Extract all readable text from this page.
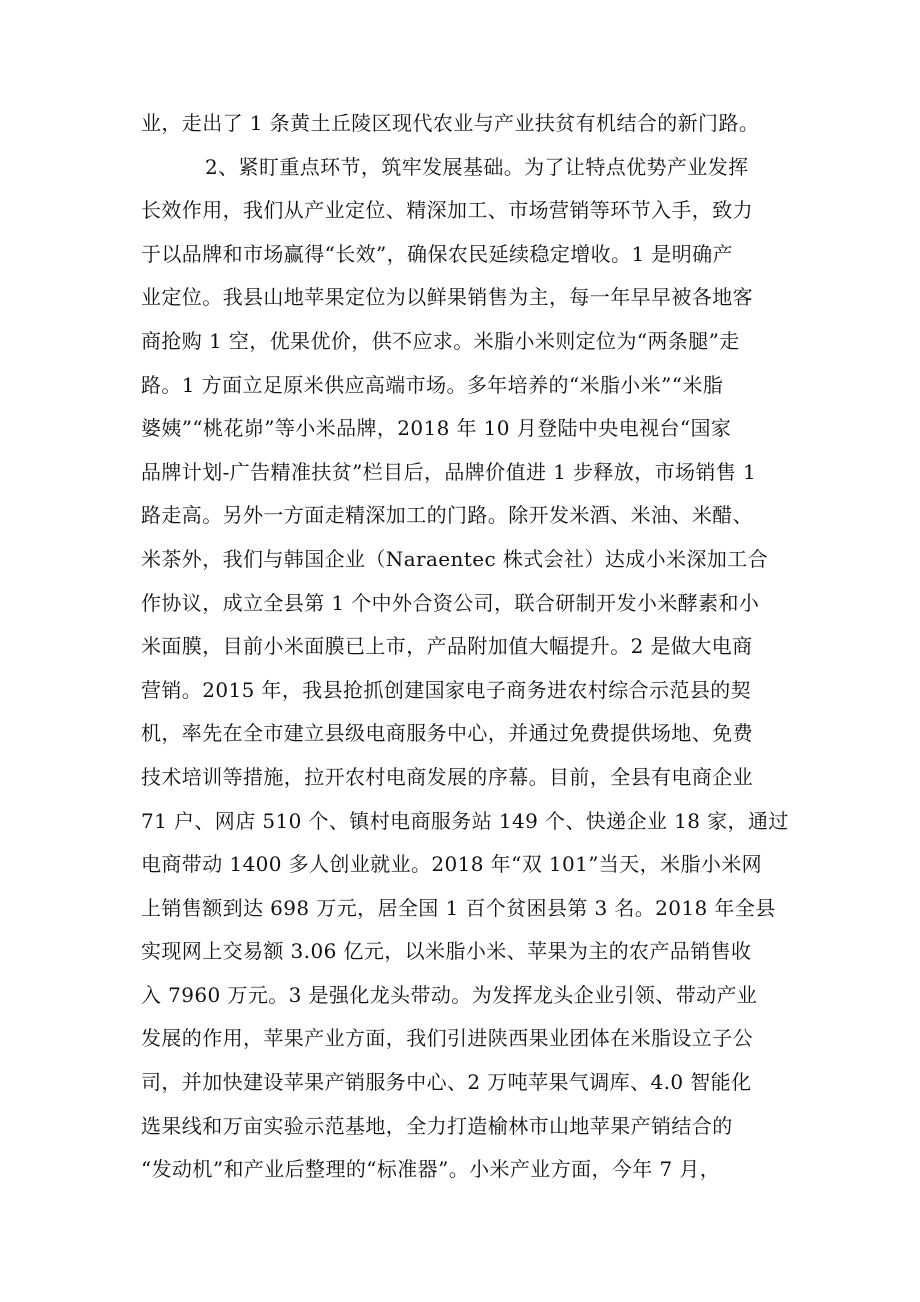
业，走出了 1 条黄土丘陵区现代农业与产业扶贫有机结合的新门路。
2、紧盯重点环节，筑牢发展基础。为了让特点优势产业发挥
长效作用，我们从产业定位、精深加工、市场营销等环节入手，致力
于以品牌和市场赢得“长效”，确保农民延续稳定增收。1 是明确产
业定位。我县山地苹果定位为以鲜果销售为主，每一年早早被各地客
商抢购 1 空，优果优价，供不应求。米脂小米则定位为“两条腿”走
路。1 方面立足原米供应高端市场。多年培养的“米脂小米”“米脂
婆姨”“桃花峁”等小米品牌，2018 年 10 月登陆中央电视台“国家
品牌计划-广告精准扶贫”栏目后，品牌价值进 1 步释放，市场销售 1
路走高。另外一方面走精深加工的门路。除开发米酒、米油、米醋、
米茶外，我们与韩国企业（Naraentec 株式会社）达成小米深加工合
作协议，成立全县第 1 个中外合资公司，联合研制开发小米酵素和小
米面膜，目前小米面膜已上市，产品附加值大幅提升。2 是做大电商
营销。2015 年，我县抢抓创建国家电子商务进农村综合示范县的契
机，率先在全市建立县级电商服务中心，并通过免费提供场地、免费
技术培训等措施，拉开农村电商发展的序幕。目前，全县有电商企业
71 户、网店 510 个、镇村电商服务站 149 个、快递企业 18 家，通过
电商带动 1400 多人创业就业。2018 年“双 101”当天，米脂小米网
上销售额到达 698 万元，居全国 1 百个贫困县第 3 名。2018 年全县
实现网上交易额 3.06 亿元，以米脂小米、苹果为主的农产品销售收
入 7960 万元。3 是强化龙头带动。为发挥龙头企业引领、带动产业
发展的作用，苹果产业方面，我们引进陕西果业团体在米脂设立子公
司，并加快建设苹果产销服务中心、2 万吨苹果气调库、4.0 智能化
选果线和万亩实验示范基地，全力打造榆林市山地苹果产销结合的
“发动机”和产业后整理的“标准器”。小米产业方面，今年 7 月，
